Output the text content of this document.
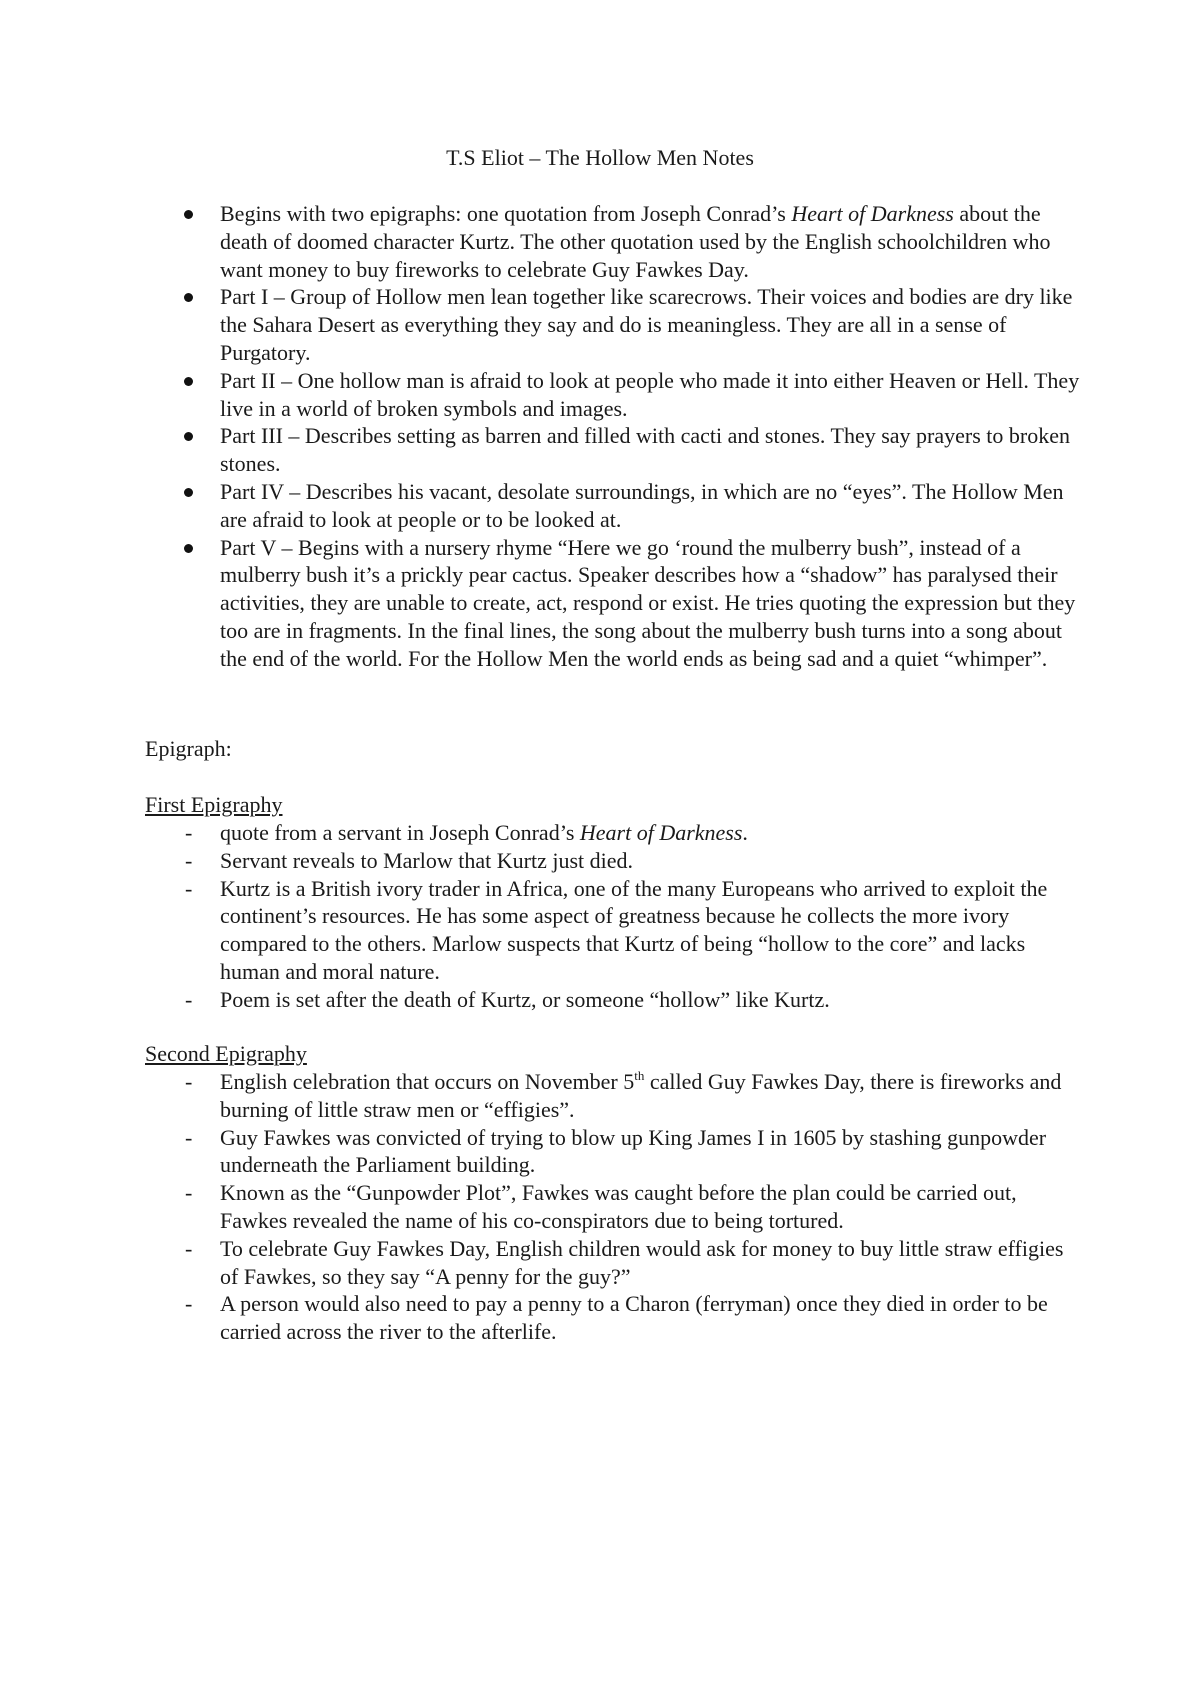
T.S Eliot – The Hollow Men Notes
Begins with two epigraphs: one quotation from Joseph Conrad’s Heart of Darkness about the death of doomed character Kurtz. The other quotation used by the English schoolchildren who want money to buy fireworks to celebrate Guy Fawkes Day.
Part I – Group of Hollow men lean together like scarecrows. Their voices and bodies are dry like the Sahara Desert as everything they say and do is meaningless. They are all in a sense of Purgatory.
Part II – One hollow man is afraid to look at people who made it into either Heaven or Hell. They live in a world of broken symbols and images.
Part III – Describes setting as barren and filled with cacti and stones. They say prayers to broken stones.
Part IV – Describes his vacant, desolate surroundings, in which are no “eyes”. The Hollow Men are afraid to look at people or to be looked at.
Part V – Begins with a nursery rhyme “Here we go ‘round the mulberry bush”, instead of a mulberry bush it’s a prickly pear cactus. Speaker describes how a “shadow” has paralysed their activities, they are unable to create, act, respond or exist. He tries quoting the expression but they too are in fragments. In the final lines, the song about the mulberry bush turns into a song about the end of the world. For the Hollow Men the world ends as being sad and a quiet “whimper”.
Epigraph:
First Epigraphy
- quote from a servant in Joseph Conrad’s Heart of Darkness.
- Servant reveals to Marlow that Kurtz just died.
- Kurtz is a British ivory trader in Africa, one of the many Europeans who arrived to exploit the continent’s resources. He has some aspect of greatness because he collects the more ivory compared to the others. Marlow suspects that Kurtz of being “hollow to the core” and lacks human and moral nature.
- Poem is set after the death of Kurtz, or someone “hollow” like Kurtz.
Second Epigraphy
- English celebration that occurs on November 5th called Guy Fawkes Day, there is fireworks and burning of little straw men or “effigies”.
- Guy Fawkes was convicted of trying to blow up King James I in 1605 by stashing gunpowder underneath the Parliament building.
- Known as the “Gunpowder Plot”, Fawkes was caught before the plan could be carried out, Fawkes revealed the name of his co-conspirators due to being tortured.
- To celebrate Guy Fawkes Day, English children would ask for money to buy little straw effigies of Fawkes, so they say “A penny for the guy?”
- A person would also need to pay a penny to a Charon (ferryman) once they died in order to be carried across the river to the afterlife.
